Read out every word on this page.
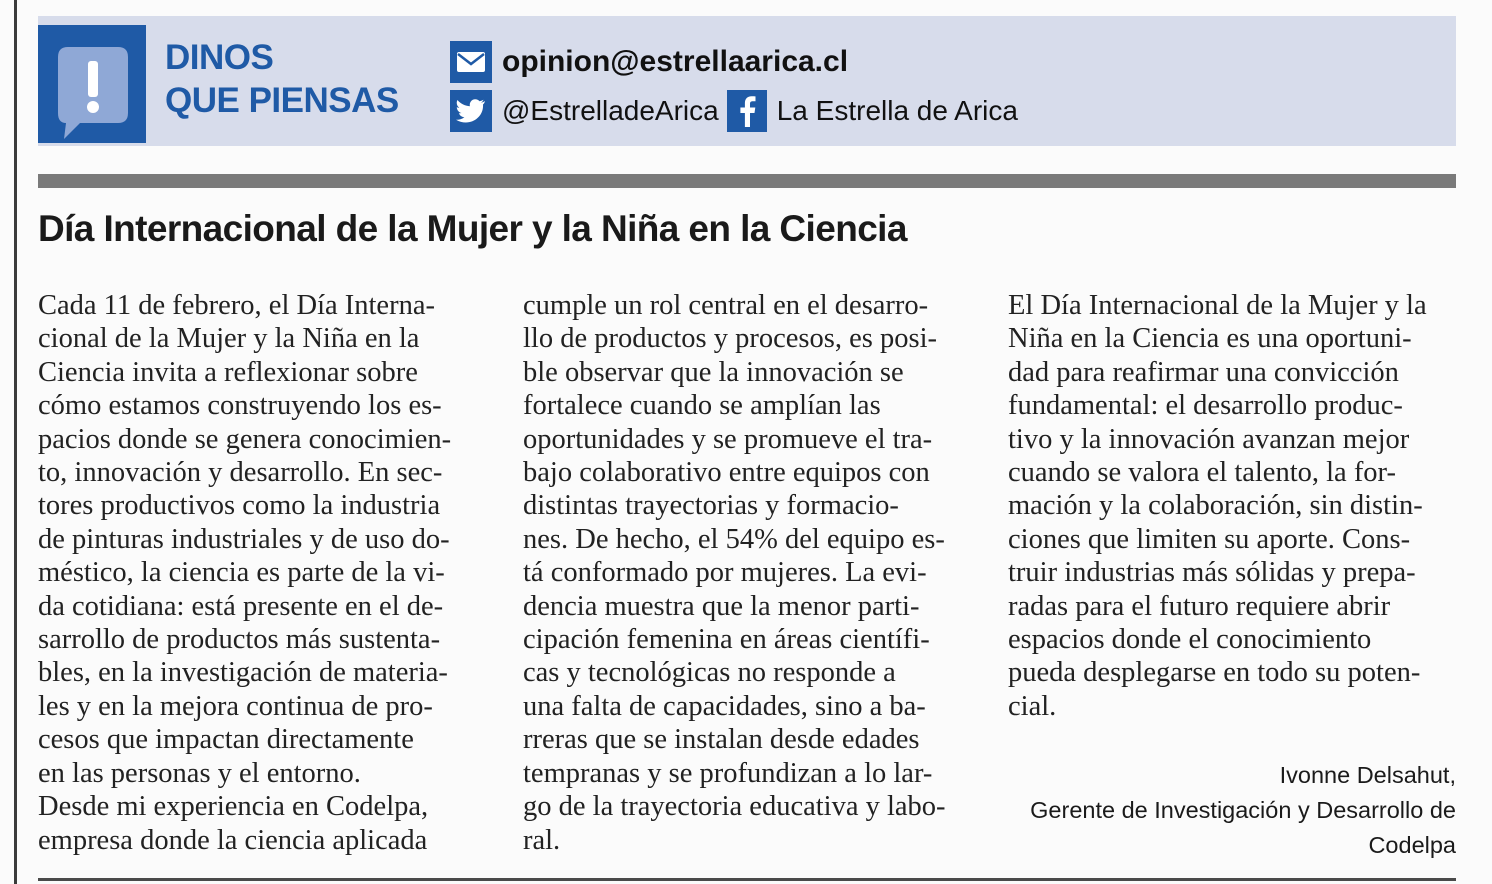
DINOS
QUE PIENSAS
opinion@estrellaarica.cl
@EstrelladeArica La Estrella de Arica
Día Internacional de la Mujer y la Niña en la Ciencia
Cada 11 de febrero, el Día Interna-
cional de la Mujer y la Niña en la
Ciencia invita a reflexionar sobre
cómo estamos construyendo los es-
pacios donde se genera conocimien-
to, innovación y desarrollo. En sec-
tores productivos como la industria
de pinturas industriales y de uso do-
méstico, la ciencia es parte de la vi-
da cotidiana: está presente en el de-
sarrollo de productos más sustenta-
bles, en la investigación de materia-
les y en la mejora continua de pro-
cesos que impactan directamente
en las personas y el entorno.
Desde mi experiencia en Codelpa,
empresa donde la ciencia aplicada
cumple un rol central en el desarro-
llo de productos y procesos, es posi-
ble observar que la innovación se
fortalece cuando se amplían las
oportunidades y se promueve el tra-
bajo colaborativo entre equipos con
distintas trayectorias y formacio-
nes. De hecho, el 54% del equipo es-
tá conformado por mujeres. La evi-
dencia muestra que la menor parti-
cipación femenina en áreas científi-
cas y tecnológicas no responde a
una falta de capacidades, sino a ba-
rreras que se instalan desde edades
tempranas y se profundizan a lo lar-
go de la trayectoria educativa y labo-
ral.
El Día Internacional de la Mujer y la
Niña en la Ciencia es una oportuni-
dad para reafirmar una convicción
fundamental: el desarrollo produc-
tivo y la innovación avanzan mejor
cuando se valora el talento, la for-
mación y la colaboración, sin distin-
ciones que limiten su aporte. Cons-
truir industrias más sólidas y prepa-
radas para el futuro requiere abrir
espacios donde el conocimiento
pueda desplegarse en todo su poten-
cial.
Ivonne Delsahut,
Gerente de Investigación y Desarrollo de
Codelpa
